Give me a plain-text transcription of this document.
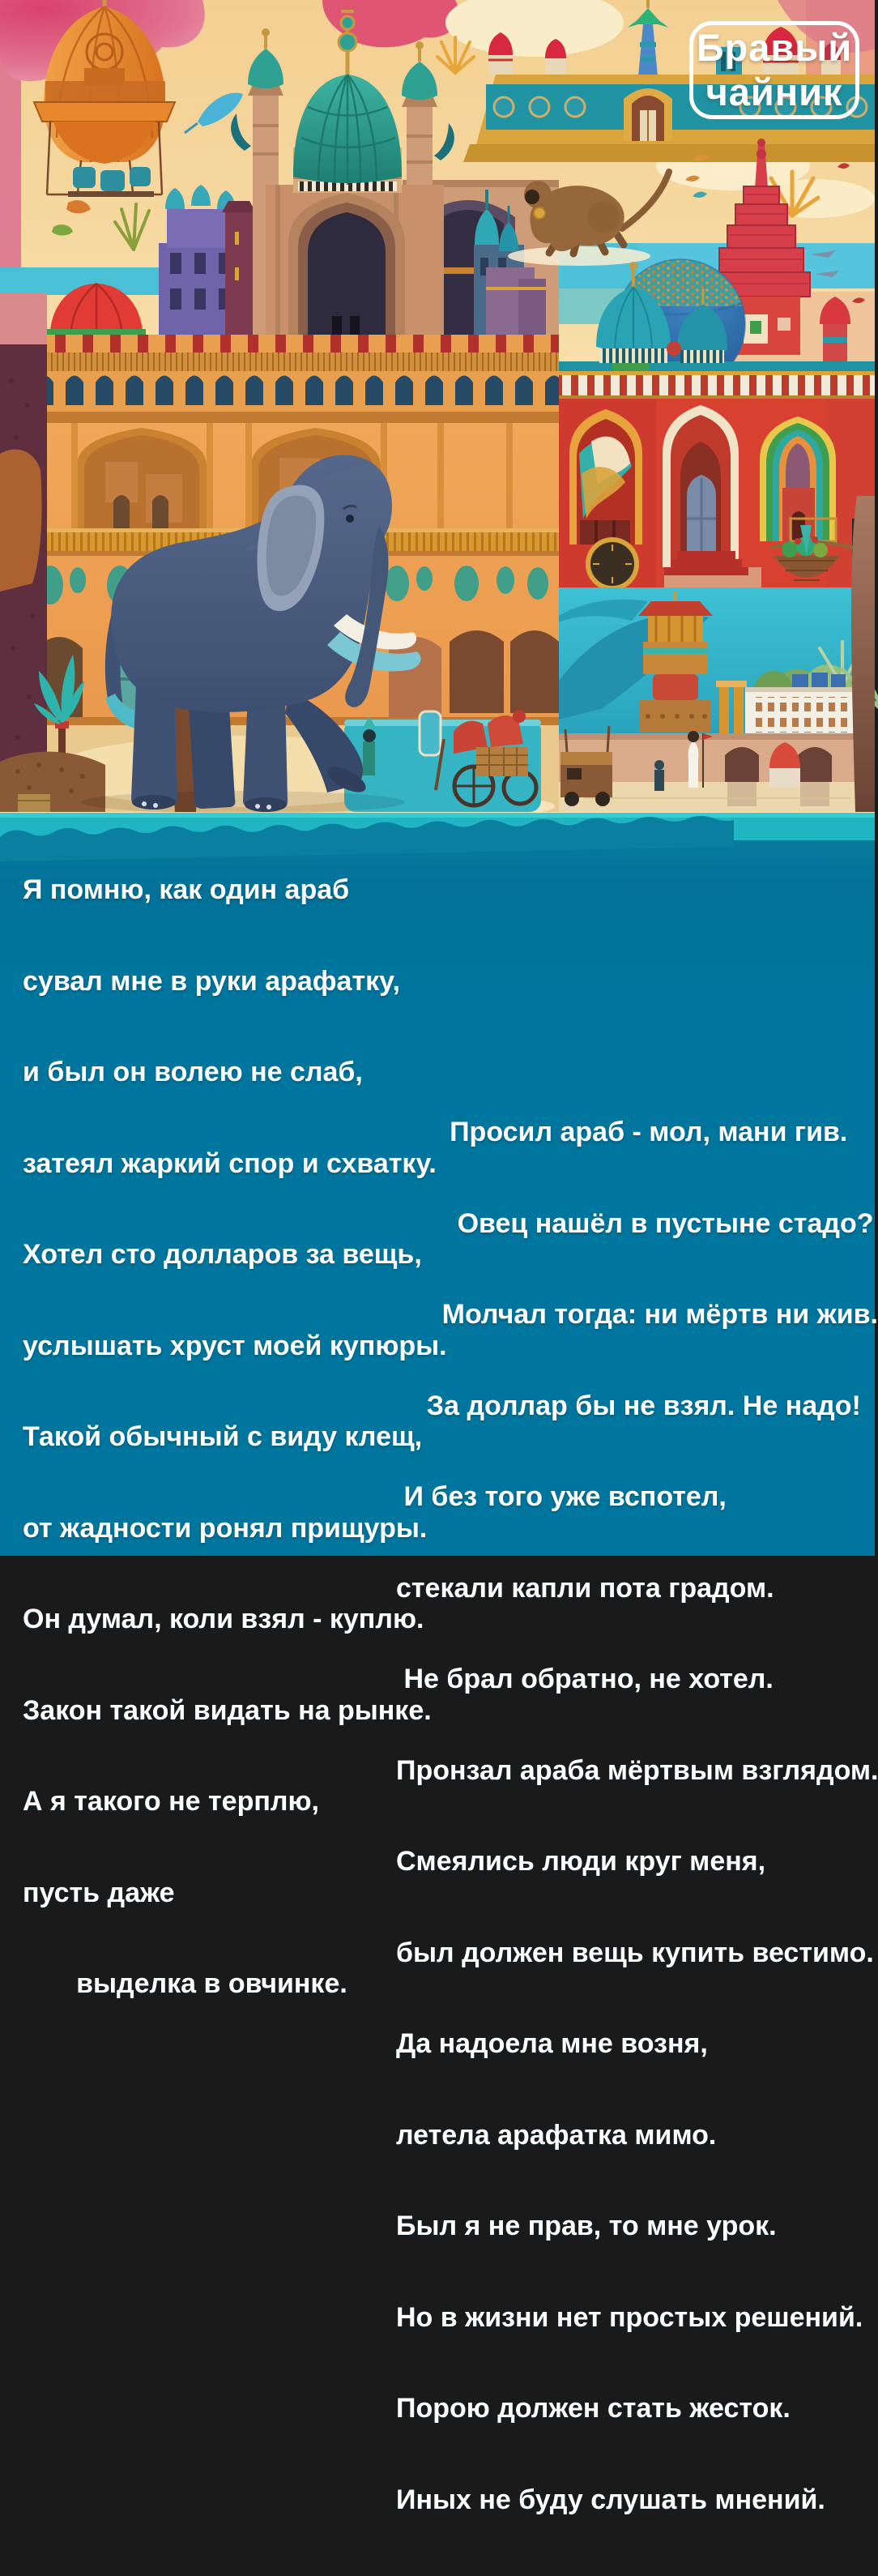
Бравый
чайник

Я помню, как один араб

сувал мне в руки арафатку,

и был он волею не слаб,

затеял жаркий спор и схватку.

Хотел сто долларов за вещь,

услышать хруст моей купюры.

Такой обычный с виду клещ,

от жадности ронял прищуры.

Он думал, коли взял - куплю.

Закон такой видать на рынке.

А я такого не терплю,

пусть даже

выделка в овчинке.

Просил араб - мол, мани гив.

Овец нашёл в пустыне стадо?

Молчал тогда: ни мёртв ни жив.

За доллар бы не взял. Не надо!

И без того уже вспотел,

стекали капли пота градом.

Не брал обратно, не хотел.

Пронзал араба мёртвым взглядом.

Смеялись люди круг меня,

был должен вещь купить вестимо.

Да надоела мне возня,

летела арафатка мимо.

Был я не прав, то мне урок.

Но в жизни нет простых решений.

Порою должен стать жесток.

Иных не буду слушать мнений.
